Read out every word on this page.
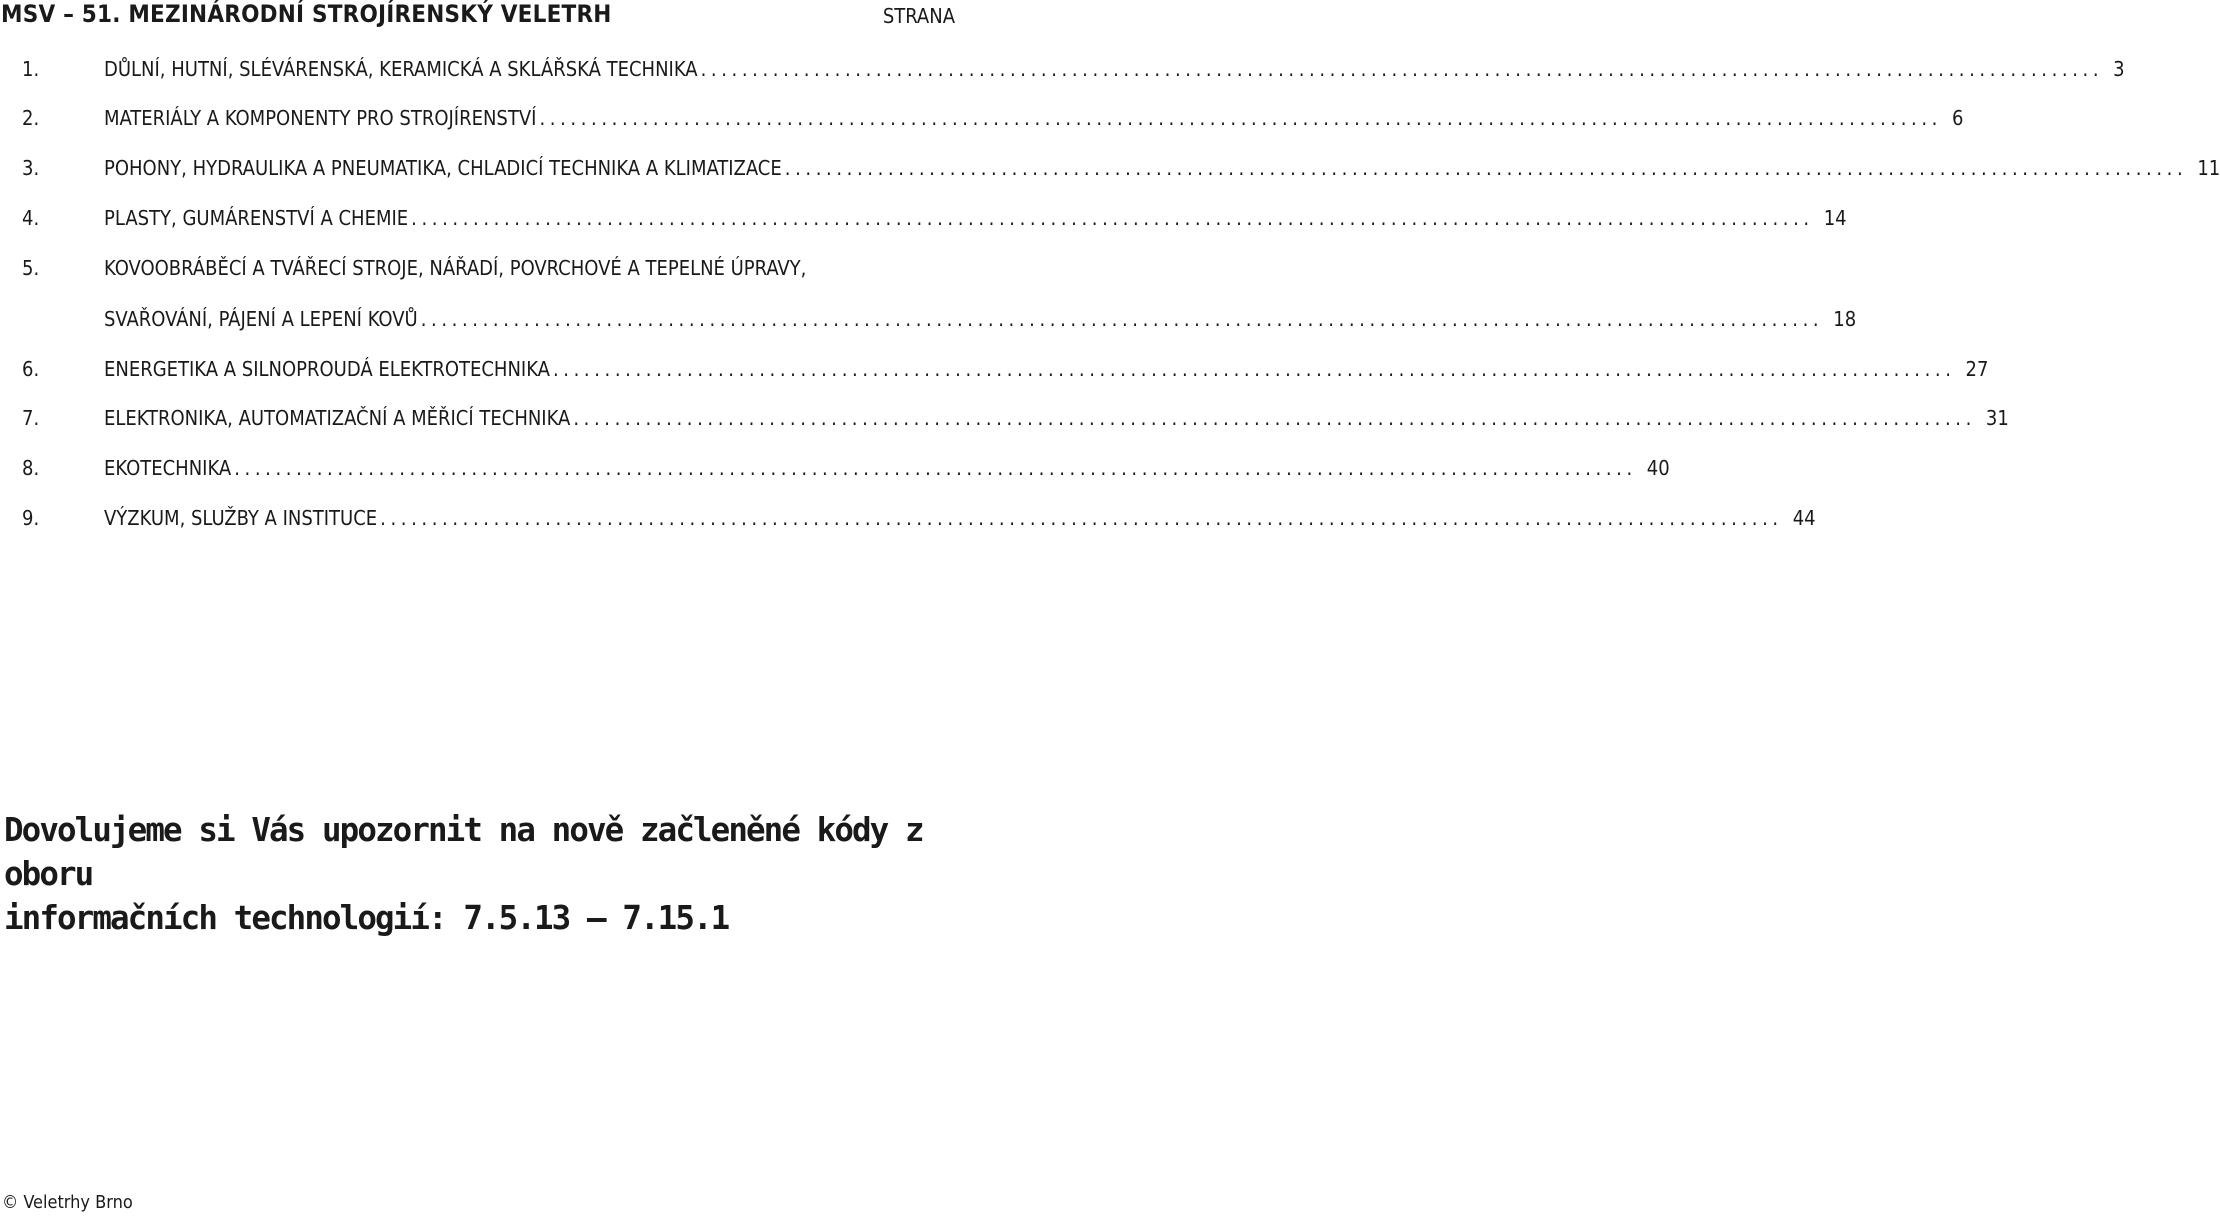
MSV – 51. MEZINÁRODNÍ STROJÍRENSKÝ VELETRH	STRANA
1.	DŮLNÍ, HUTNÍ, SLÉVÁRENSKÁ, KERAMICKÁ A SKLÁŘSKÁ TECHNIKA ........................................................................................................................................ 3
2.	MATERIÁLY A KOMPONENTY PRO STROJÍRENSTVÍ ........................................................................................................................................ 6
3.	POHONY, HYDRAULIKA A PNEUMATIKA, CHLADICÍ TECHNIKA A KLIMATIZACE ........................................................................................................................................ 11
4.	PLASTY, GUMÁRENSTVÍ A CHEMIE ........................................................................................................................................ 14
5.	KOVOOBRÁBĚCÍ A TVÁŘECÍ STROJE, NÁŘADÍ, POVRCHOVÉ A TEPELNÉ ÚPRAVY,
SVAŘOVÁNÍ, PÁJENÍ A LEPENÍ KOVŮ ........................................................................................................................................ 18
6.	ENERGETIKA A SILNOPROUDÁ ELEKTROTECHNIKA ........................................................................................................................................ 27
7.	ELEKTRONIKA, AUTOMATIZAČNÍ A MĚŘICÍ TECHNIKA ........................................................................................................................................ 31
8.	EKOTECHNIKA ........................................................................................................................................ 40
9.	VÝZKUM, SLUŽBY A INSTITUCE ........................................................................................................................................ 44
Dovolujeme si Vás upozornit na nově začleněné kódy z oboru
informačních technologií: 7.5.13 – 7.15.1
© Veletrhy Brno
